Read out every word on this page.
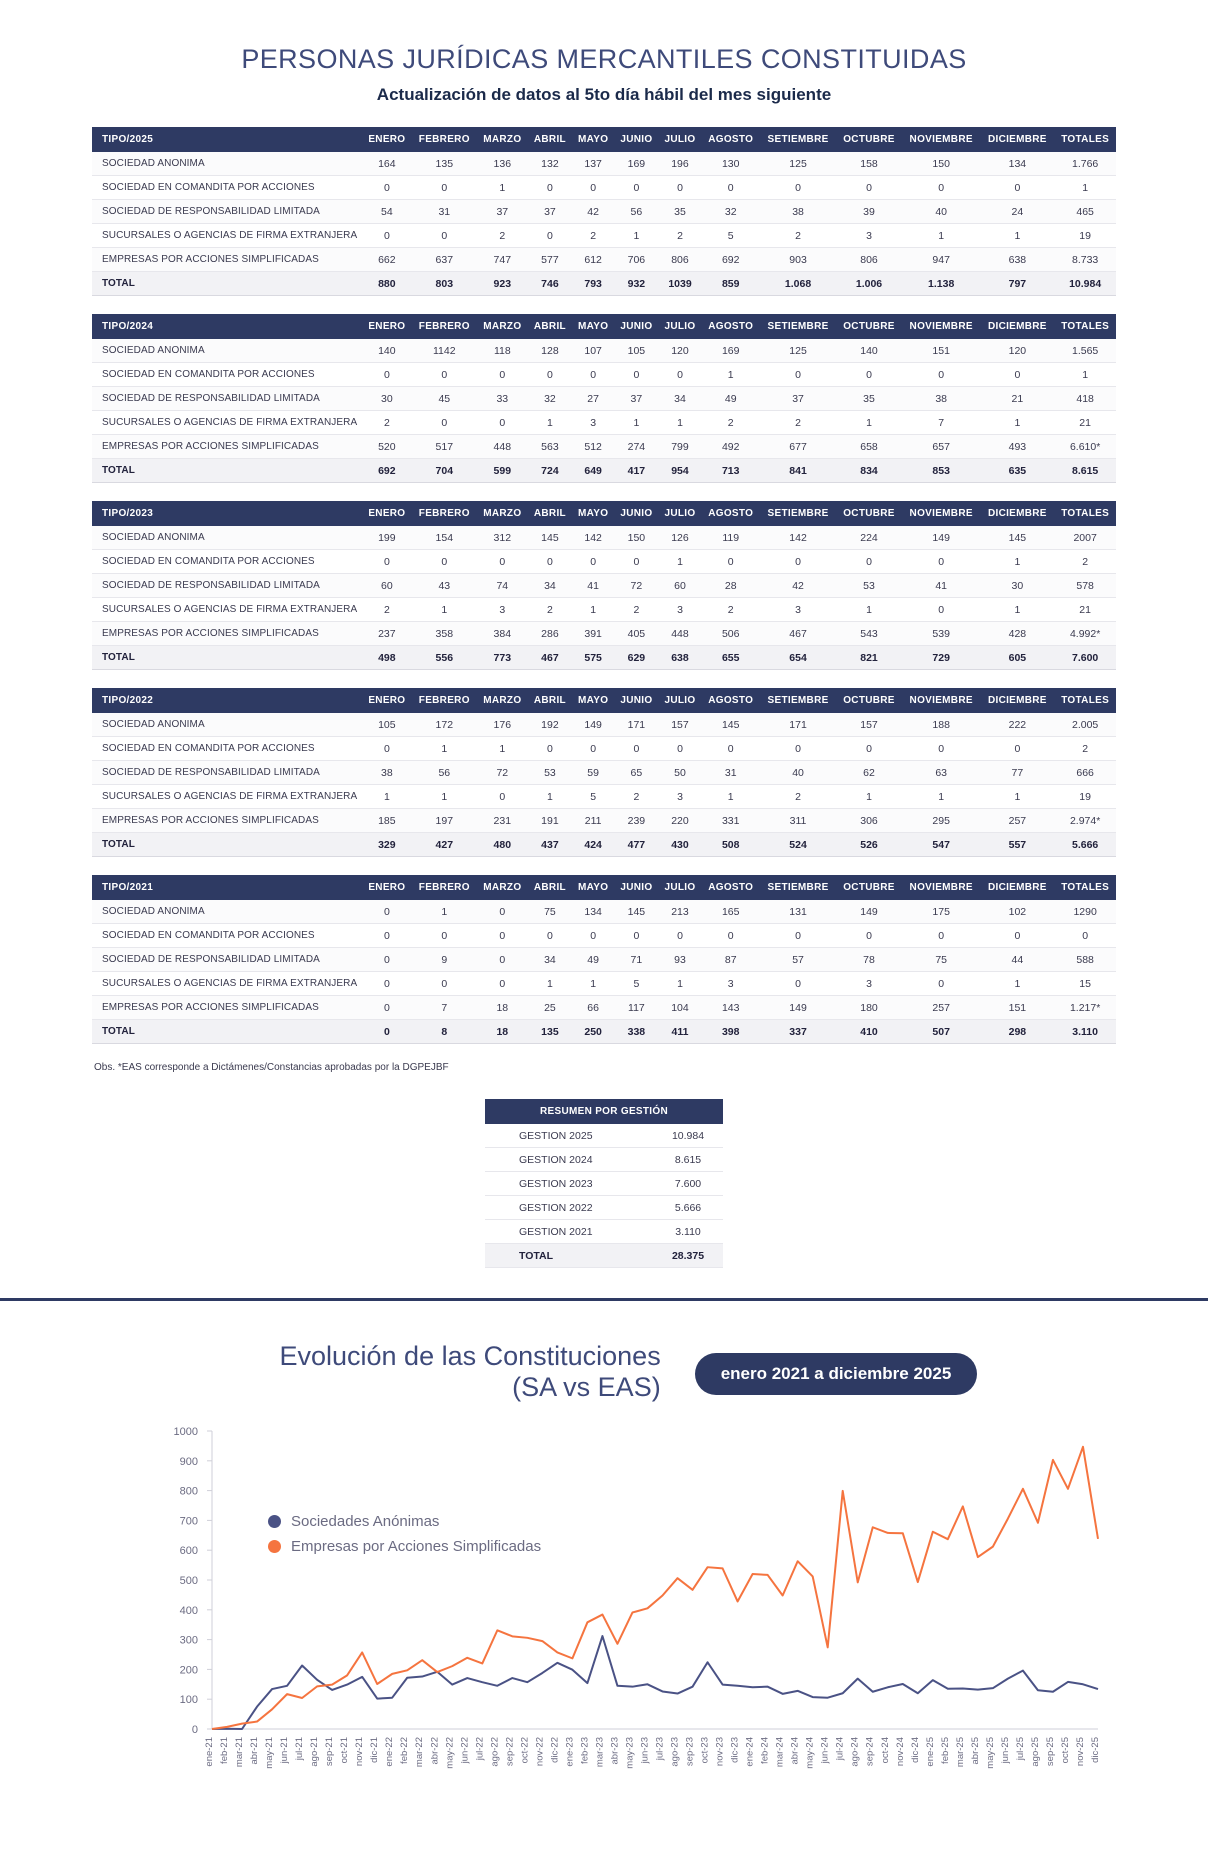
PERSONAS JURÍDICAS MERCANTILES CONSTITUIDAS
Actualización de datos al 5to día hábil del mes siguiente
TIPO/2025	ENERO	FEBRERO	MARZO	ABRIL	MAYO	JUNIO	JULIO	AGOSTO	SETIEMBRE	OCTUBRE	NOVIEMBRE	DICIEMBRE	TOTALES
SOCIEDAD ANONIMA	164	135	136	132	137	169	196	130	125	158	150	134	1.766
SOCIEDAD EN COMANDITA POR ACCIONES	0	0	1	0	0	0	0	0	0	0	0	0	1
SOCIEDAD DE RESPONSABILIDAD LIMITADA	54	31	37	37	42	56	35	32	38	39	40	24	465
SUCURSALES O AGENCIAS DE FIRMA EXTRANJERA	0	0	2	0	2	1	2	5	2	3	1	1	19
EMPRESAS POR ACCIONES SIMPLIFICADAS	662	637	747	577	612	706	806	692	903	806	947	638	8.733
TOTAL	880	803	923	746	793	932	1039	859	1.068	1.006	1.138	797	10.984
TIPO/2024	ENERO	FEBRERO	MARZO	ABRIL	MAYO	JUNIO	JULIO	AGOSTO	SETIEMBRE	OCTUBRE	NOVIEMBRE	DICIEMBRE	TOTALES
SOCIEDAD ANONIMA	140	1142	118	128	107	105	120	169	125	140	151	120	1.565
SOCIEDAD EN COMANDITA POR ACCIONES	0	0	0	0	0	0	0	1	0	0	0	0	1
SOCIEDAD DE RESPONSABILIDAD LIMITADA	30	45	33	32	27	37	34	49	37	35	38	21	418
SUCURSALES O AGENCIAS DE FIRMA EXTRANJERA	2	0	0	1	3	1	1	2	2	1	7	1	21
EMPRESAS POR ACCIONES SIMPLIFICADAS	520	517	448	563	512	274	799	492	677	658	657	493	6.610*
TOTAL	692	704	599	724	649	417	954	713	841	834	853	635	8.615
TIPO/2023	ENERO	FEBRERO	MARZO	ABRIL	MAYO	JUNIO	JULIO	AGOSTO	SETIEMBRE	OCTUBRE	NOVIEMBRE	DICIEMBRE	TOTALES
SOCIEDAD ANONIMA	199	154	312	145	142	150	126	119	142	224	149	145	2007
SOCIEDAD EN COMANDITA POR ACCIONES	0	0	0	0	0	0	1	0	0	0	0	1	2
SOCIEDAD DE RESPONSABILIDAD LIMITADA	60	43	74	34	41	72	60	28	42	53	41	30	578
SUCURSALES O AGENCIAS DE FIRMA EXTRANJERA	2	1	3	2	1	2	3	2	3	1	0	1	21
EMPRESAS POR ACCIONES SIMPLIFICADAS	237	358	384	286	391	405	448	506	467	543	539	428	4.992*
TOTAL	498	556	773	467	575	629	638	655	654	821	729	605	7.600
TIPO/2022	ENERO	FEBRERO	MARZO	ABRIL	MAYO	JUNIO	JULIO	AGOSTO	SETIEMBRE	OCTUBRE	NOVIEMBRE	DICIEMBRE	TOTALES
SOCIEDAD ANONIMA	105	172	176	192	149	171	157	145	171	157	188	222	2.005
SOCIEDAD EN COMANDITA POR ACCIONES	0	1	1	0	0	0	0	0	0	0	0	0	2
SOCIEDAD DE RESPONSABILIDAD LIMITADA	38	56	72	53	59	65	50	31	40	62	63	77	666
SUCURSALES O AGENCIAS DE FIRMA EXTRANJERA	1	1	0	1	5	2	3	1	2	1	1	1	19
EMPRESAS POR ACCIONES SIMPLIFICADAS	185	197	231	191	211	239	220	331	311	306	295	257	2.974*
TOTAL	329	427	480	437	424	477	430	508	524	526	547	557	5.666
TIPO/2021	ENERO	FEBRERO	MARZO	ABRIL	MAYO	JUNIO	JULIO	AGOSTO	SETIEMBRE	OCTUBRE	NOVIEMBRE	DICIEMBRE	TOTALES
SOCIEDAD ANONIMA	0	1	0	75	134	145	213	165	131	149	175	102	1290
SOCIEDAD EN COMANDITA POR ACCIONES	0	0	0	0	0	0	0	0	0	0	0	0	0
SOCIEDAD DE RESPONSABILIDAD LIMITADA	0	9	0	34	49	71	93	87	57	78	75	44	588
SUCURSALES O AGENCIAS DE FIRMA EXTRANJERA	0	0	0	1	1	5	1	3	0	3	0	1	15
EMPRESAS POR ACCIONES SIMPLIFICADAS	0	7	18	25	66	117	104	143	149	180	257	151	1.217*
TOTAL	0	8	18	135	250	338	411	398	337	410	507	298	3.110
Obs. *EAS corresponde a Dictámenes/Constancias aprobadas por la DGPEJBF
RESUMEN POR GESTIÓN	
GESTION 2025	10.984
GESTION 2024	8.615
GESTION 2023	7.600
GESTION 2022	5.666
GESTION 2021	3.110
TOTAL	28.375
Evolución de las Constituciones
(SA vs EAS)	enero 2021 a diciembre 2025
0
100
200
300
400
500
600
700
800
900
1000
ene-21 feb-21 mar-21 abr-21 may-21 jun-21 jul-21 ago-21 sep-21 oct-21 nov-21 dic-21 ene-22 feb-22 mar-22 abr-22 may-22 jun-22 jul-22 ago-22 sep-22 oct-22 nov-22 dic-22 ene-23 feb-23 mar-23 abr-23 may-23 jun-23 jul-23 ago-23 sep-23 oct-23 nov-23 dic-23 ene-24 feb-24 mar-24 abr-24 may-24 jun-24 jul-24 ago-24 sep-24 oct-24 nov-24 dic-24 ene-25 feb-25 mar-25 abr-25 may-25 jun-25 jul-25 ago-25 sep-25 oct-25 nov-25 dic-25
Sociedades Anónimas
Empresas por Acciones Simplificadas
